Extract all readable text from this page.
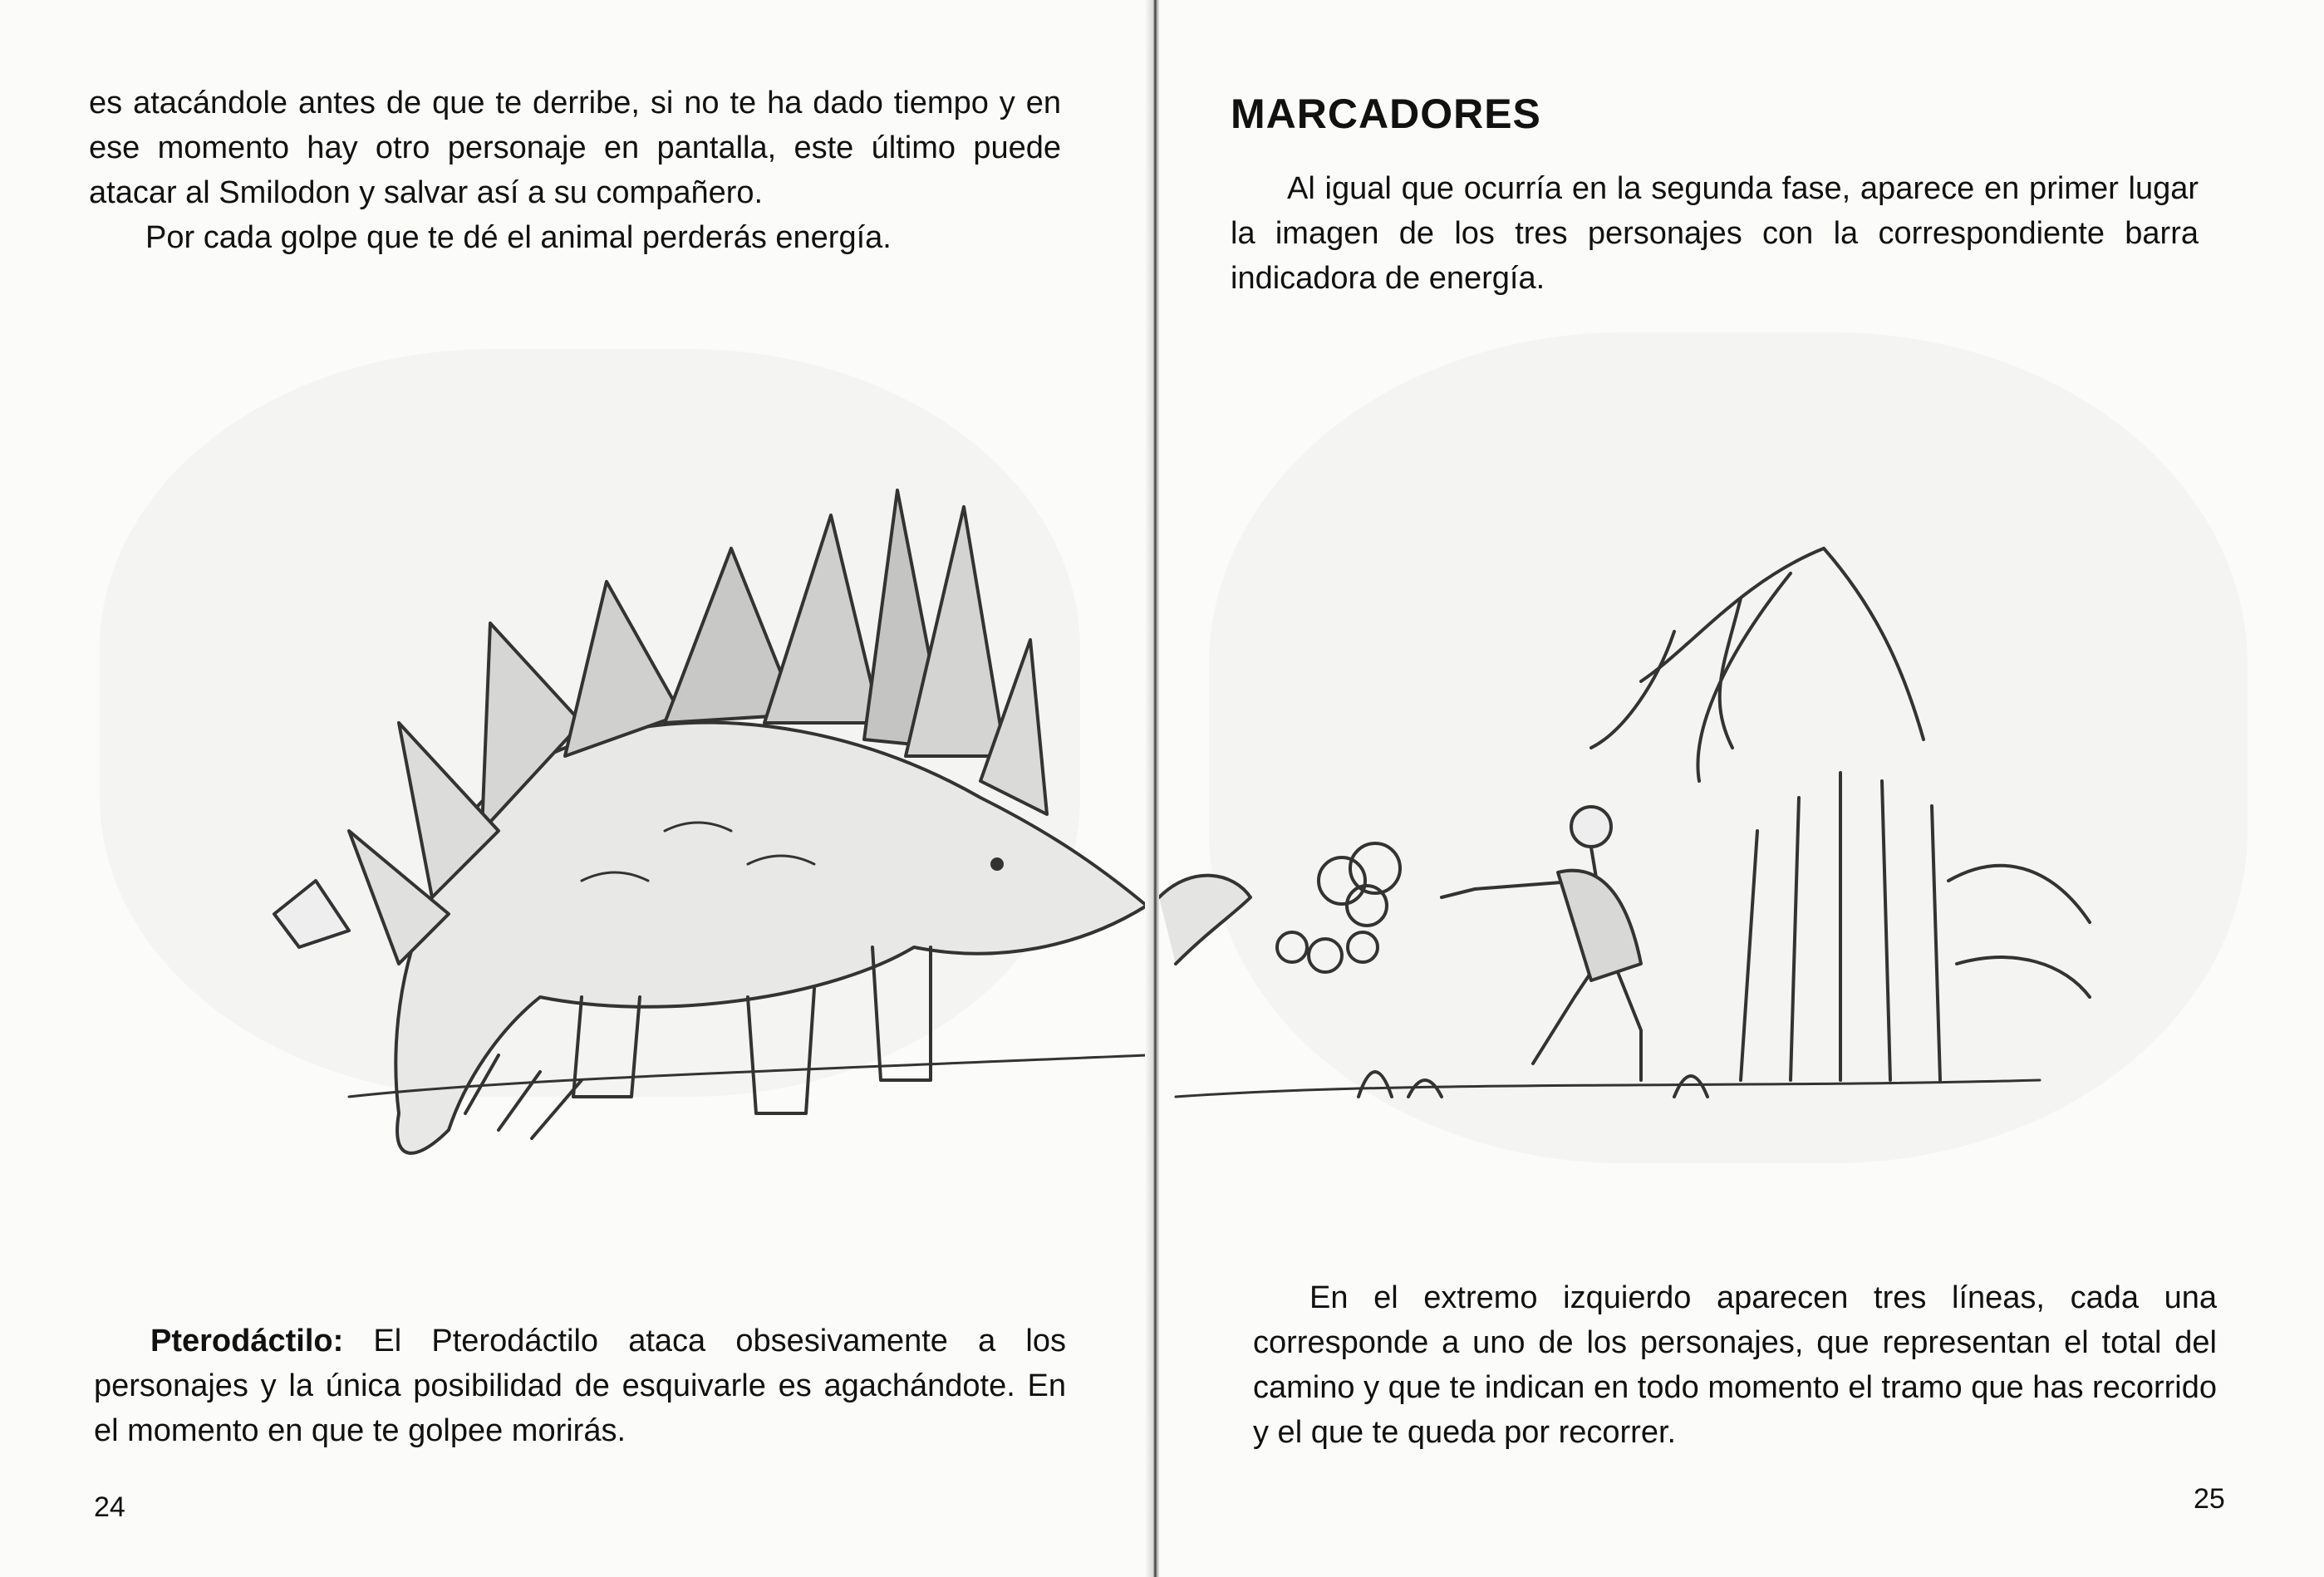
es atacándole antes de que te derribe, si no te ha dado tiempo y en ese momento hay otro personaje en pantalla, este último puede atacar al Smilodon y salvar así a su compañero.

Por cada golpe que te dé el animal perderás energía.

Pterodáctilo: El Pterodáctilo ataca obsesivamente a los personajes y la única posibilidad de esquivarle es agachándote. En el momento en que te golpee morirás.

24
MARCADORES

Al igual que ocurría en la segunda fase, aparece en primer lugar la imagen de los tres personajes con la correspondiente barra indicadora de energía.

En el extremo izquierdo aparecen tres líneas, cada una corresponde a uno de los personajes, que representan el total del camino y que te indican en todo momento el tramo que has recorrido y el que te queda por recorrer.

25
